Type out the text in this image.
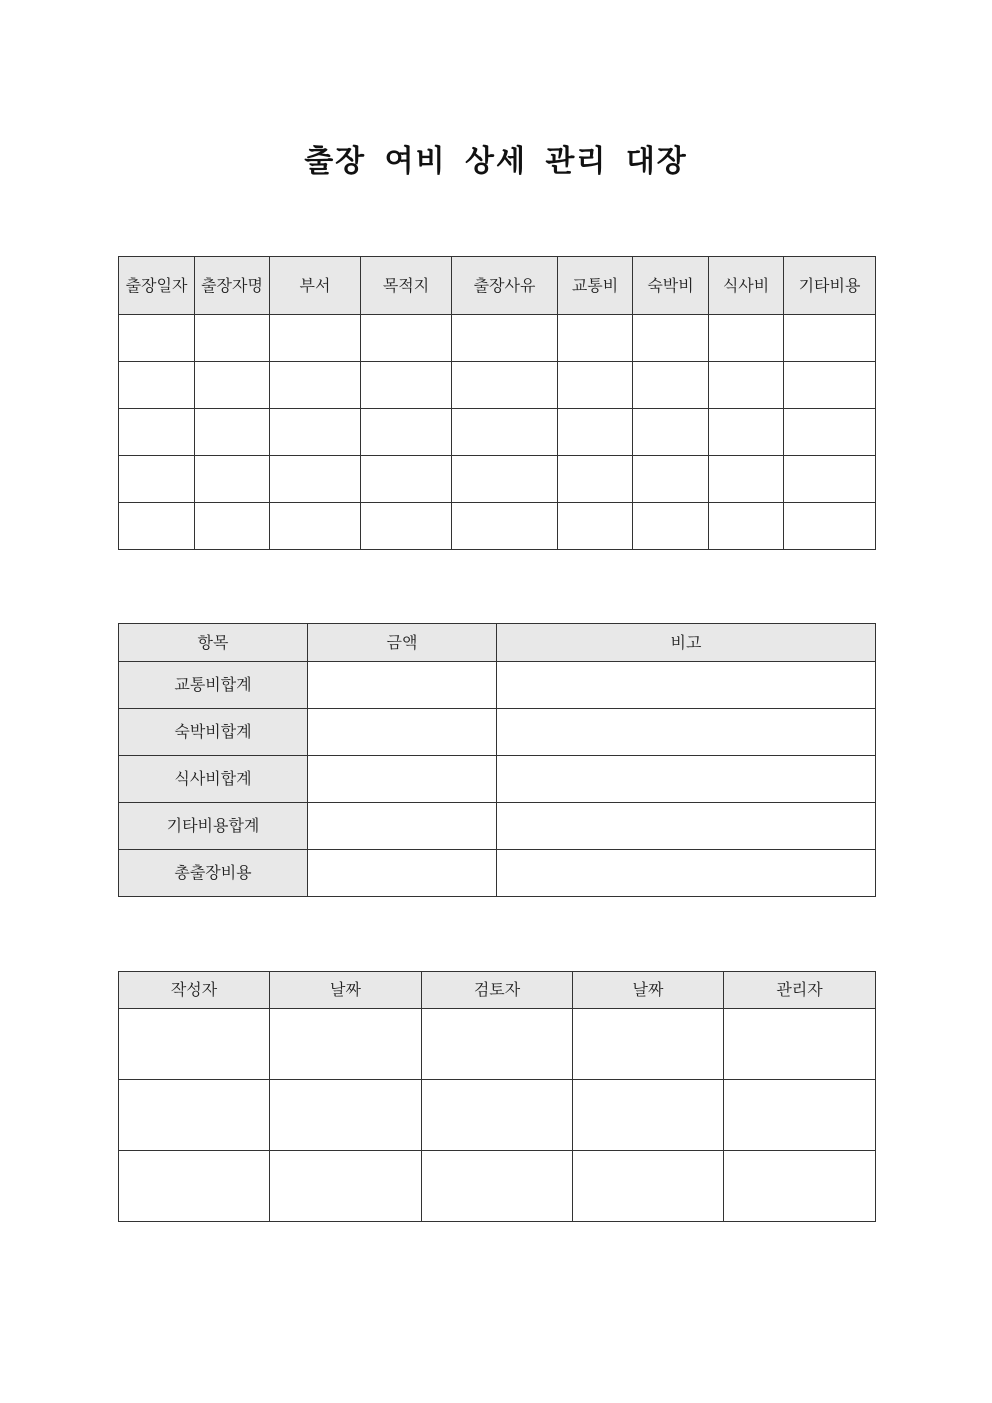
출장 여비 상세 관리 대장
출장일자	출장자명	부서	목적지	출장사유	교통비	숙박비	식사비	기타비용

항목	금액	비고
교통비합계		
숙박비합계		
식사비합계		
기타비용합계		
총출장비용		
작성자	날짜	검토자	날짜	관리자
